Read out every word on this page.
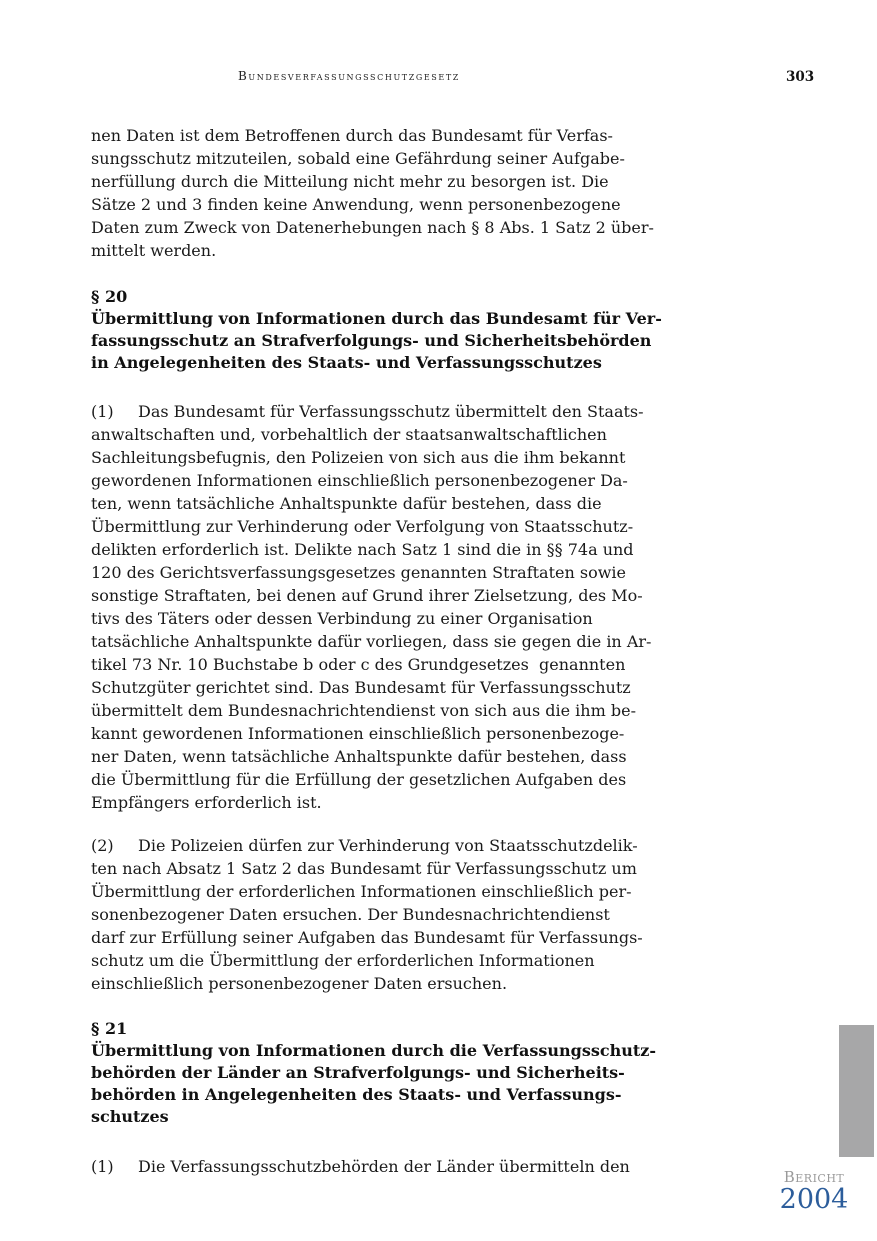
Bundesverfassungsschutzgesetz	303
nen Daten ist dem Betroffenen durch das Bundesamt für Verfas-
sungsschutz mitzuteilen, sobald eine Gefährdung seiner Aufgabe-
nerfüllung durch die Mitteilung nicht mehr zu besorgen ist. Die
Sätze 2 und 3 finden keine Anwendung, wenn personenbezogene
Daten zum Zweck von Datenerhebungen nach § 8 Abs. 1 Satz 2 über-
mittelt werden.
§ 20
Übermittlung von Informationen durch das Bundesamt für Ver-
fassungsschutz an Strafverfolgungs- und Sicherheitsbehörden
in Angelegenheiten des Staats- und Verfassungsschutzes
(1) Das Bundesamt für Verfassungsschutz übermittelt den Staats-
anwaltschaften und, vorbehaltlich der staatsanwaltschaftlichen
Sachleitungsbefugnis, den Polizeien von sich aus die ihm bekannt
gewordenen Informationen einschließlich personenbezogener Da-
ten, wenn tatsächliche Anhaltspunkte dafür bestehen, dass die
Übermittlung zur Verhinderung oder Verfolgung von Staatsschutz-
delikten erforderlich ist. Delikte nach Satz 1 sind die in §§ 74a und
120 des Gerichtsverfassungsgesetzes genannten Straftaten sowie
sonstige Straftaten, bei denen auf Grund ihrer Zielsetzung, des Mo-
tivs des Täters oder dessen Verbindung zu einer Organisation
tatsächliche Anhaltspunkte dafür vorliegen, dass sie gegen die in Ar-
tikel 73 Nr. 10 Buchstabe b oder c des Grundgesetzes  genannten
Schutzgüter gerichtet sind. Das Bundesamt für Verfassungsschutz
übermittelt dem Bundesnachrichtendienst von sich aus die ihm be-
kannt gewordenen Informationen einschließlich personenbezoge-
ner Daten, wenn tatsächliche Anhaltspunkte dafür bestehen, dass
die Übermittlung für die Erfüllung der gesetzlichen Aufgaben des
Empfängers erforderlich ist.
(2) Die Polizeien dürfen zur Verhinderung von Staatsschutzdelik-
ten nach Absatz 1 Satz 2 das Bundesamt für Verfassungsschutz um
Übermittlung der erforderlichen Informationen einschließlich per-
sonenbezogener Daten ersuchen. Der Bundesnachrichtendienst
darf zur Erfüllung seiner Aufgaben das Bundesamt für Verfassungs-
schutz um die Übermittlung der erforderlichen Informationen
einschließlich personenbezogener Daten ersuchen.
§ 21
Übermittlung von Informationen durch die Verfassungsschutz-
behörden der Länder an Strafverfolgungs- und Sicherheits-
behörden in Angelegenheiten des Staats- und Verfassungs-
schutzes
(1) Die Verfassungsschutzbehörden der Länder übermitteln den
Bericht
2004
